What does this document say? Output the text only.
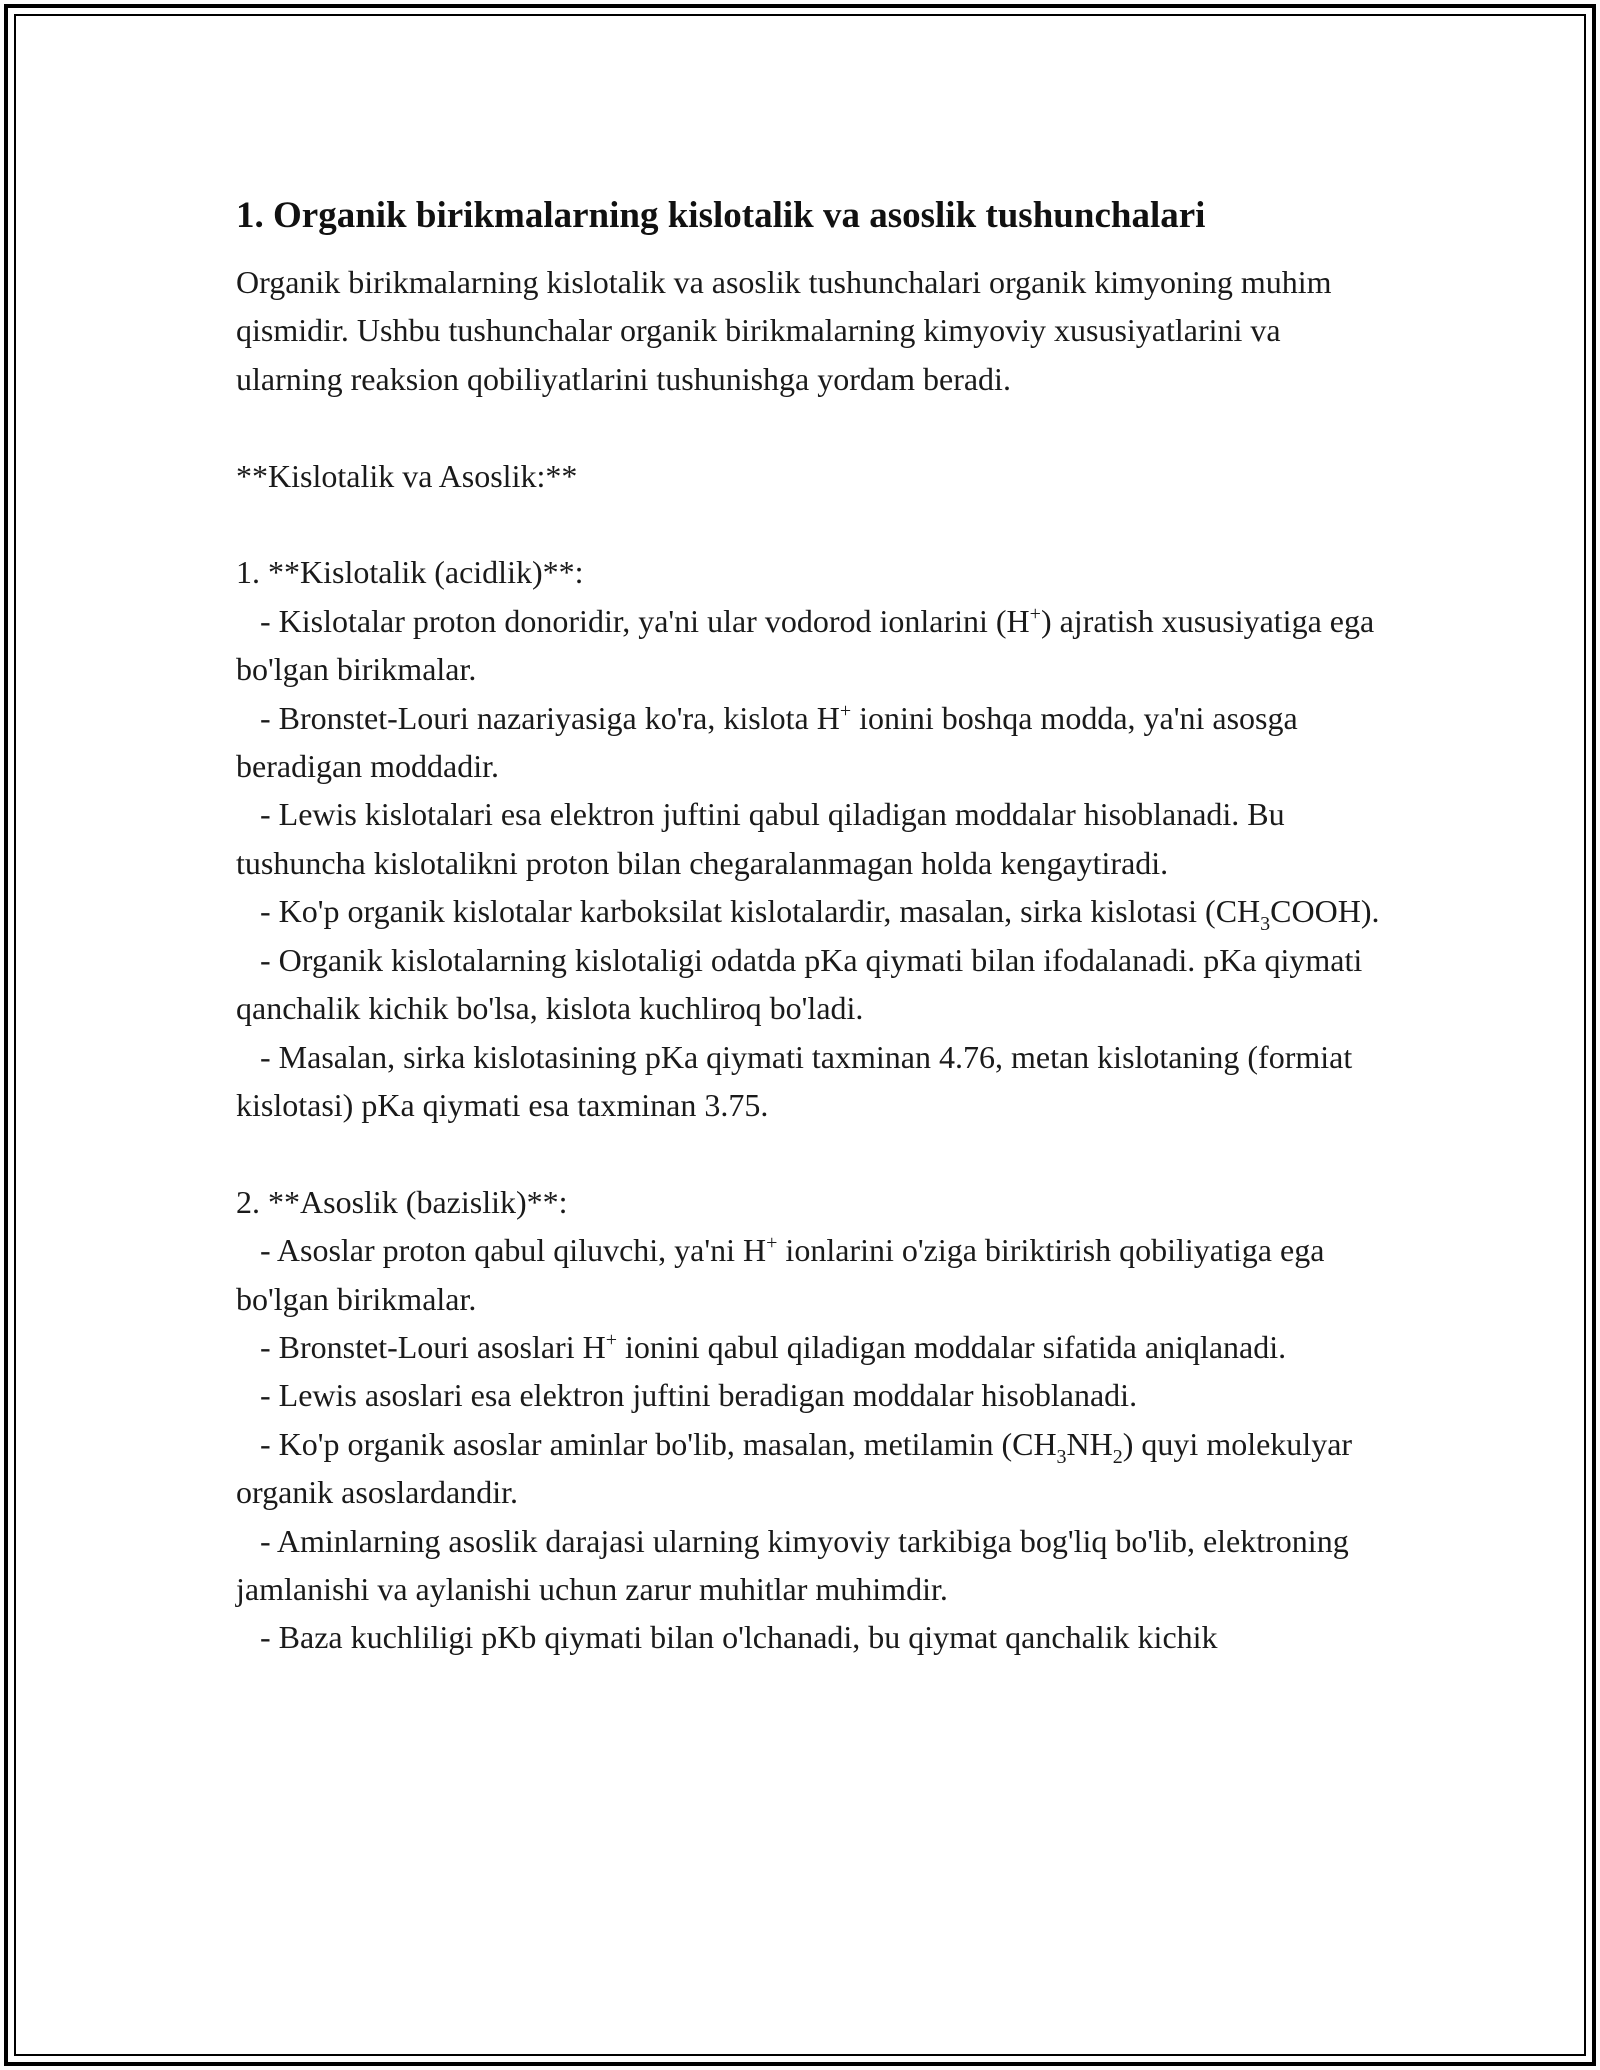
1. Organik birikmalarning kislotalik va asoslik tushunchalari
Organik birikmalarning kislotalik va asoslik tushunchalari organik kimyoning muhim qismidir. Ushbu tushunchalar organik birikmalarning kimyoviy xususiyatlarini va ularning reaksion qobiliyatlarini tushunishga yordam beradi.

**Kislotalik va Asoslik:**

1. **Kislotalik (acidlik)**:
- Kislotalar proton donoridir, ya'ni ular vodorod ionlarini (H+) ajratish xususiyatiga ega bo'lgan birikmalar.
- Bronstet-Louri nazariyasiga ko'ra, kislota H+ ionini boshqa modda, ya'ni asosga beradigan moddadir.
- Lewis kislotalari esa elektron juftini qabul qiladigan moddalar hisoblanadi. Bu tushuncha kislotalikni proton bilan chegaralanmagan holda kengaytiradi.
- Ko'p organik kislotalar karboksilat kislotalardir, masalan, sirka kislotasi $(CH_3COOH)$.
- Organik kislotalarning kislotaligi odatda pKa qiymati bilan ifodalanadi. pKa qiymati qanchalik kichik bo'lsa, kislota kuchliroq bo'ladi.
- Masalan, sirka kislotasining pKa qiymati taxminan 4.76, metan kislotaning (formiat kislotasi) pKa qiymati esa taxminan 3.75.

2. **Asoslik (bazislik)**:
- Asoslar proton qabul qiluvchi, ya'ni H+ ionlarini o'ziga biriktirish qobiliyatiga ega bo'lgan birikmalar.
- Bronstet-Louri asoslari H+ ionini qabul qiladigan moddalar sifatida aniqlanadi.
- Lewis asoslari esa elektron juftini beradigan moddalar hisoblanadi.
- Ko'p organik asoslar aminlar bo'lib, masalan, metilamin $(CH_3NH_2)$ quyi molekulyar organik asoslardandir.
- Aminlarning asoslik darajasi ularning kimyoviy tarkibiga bog'liq bo'lib, elektroning jamlanishi va aylanishi uchun zarur muhitlar muhimdir.
- Baza kuchliligi pKb qiymati bilan o'lchanadi, bu qiymat qanchalik kichik
